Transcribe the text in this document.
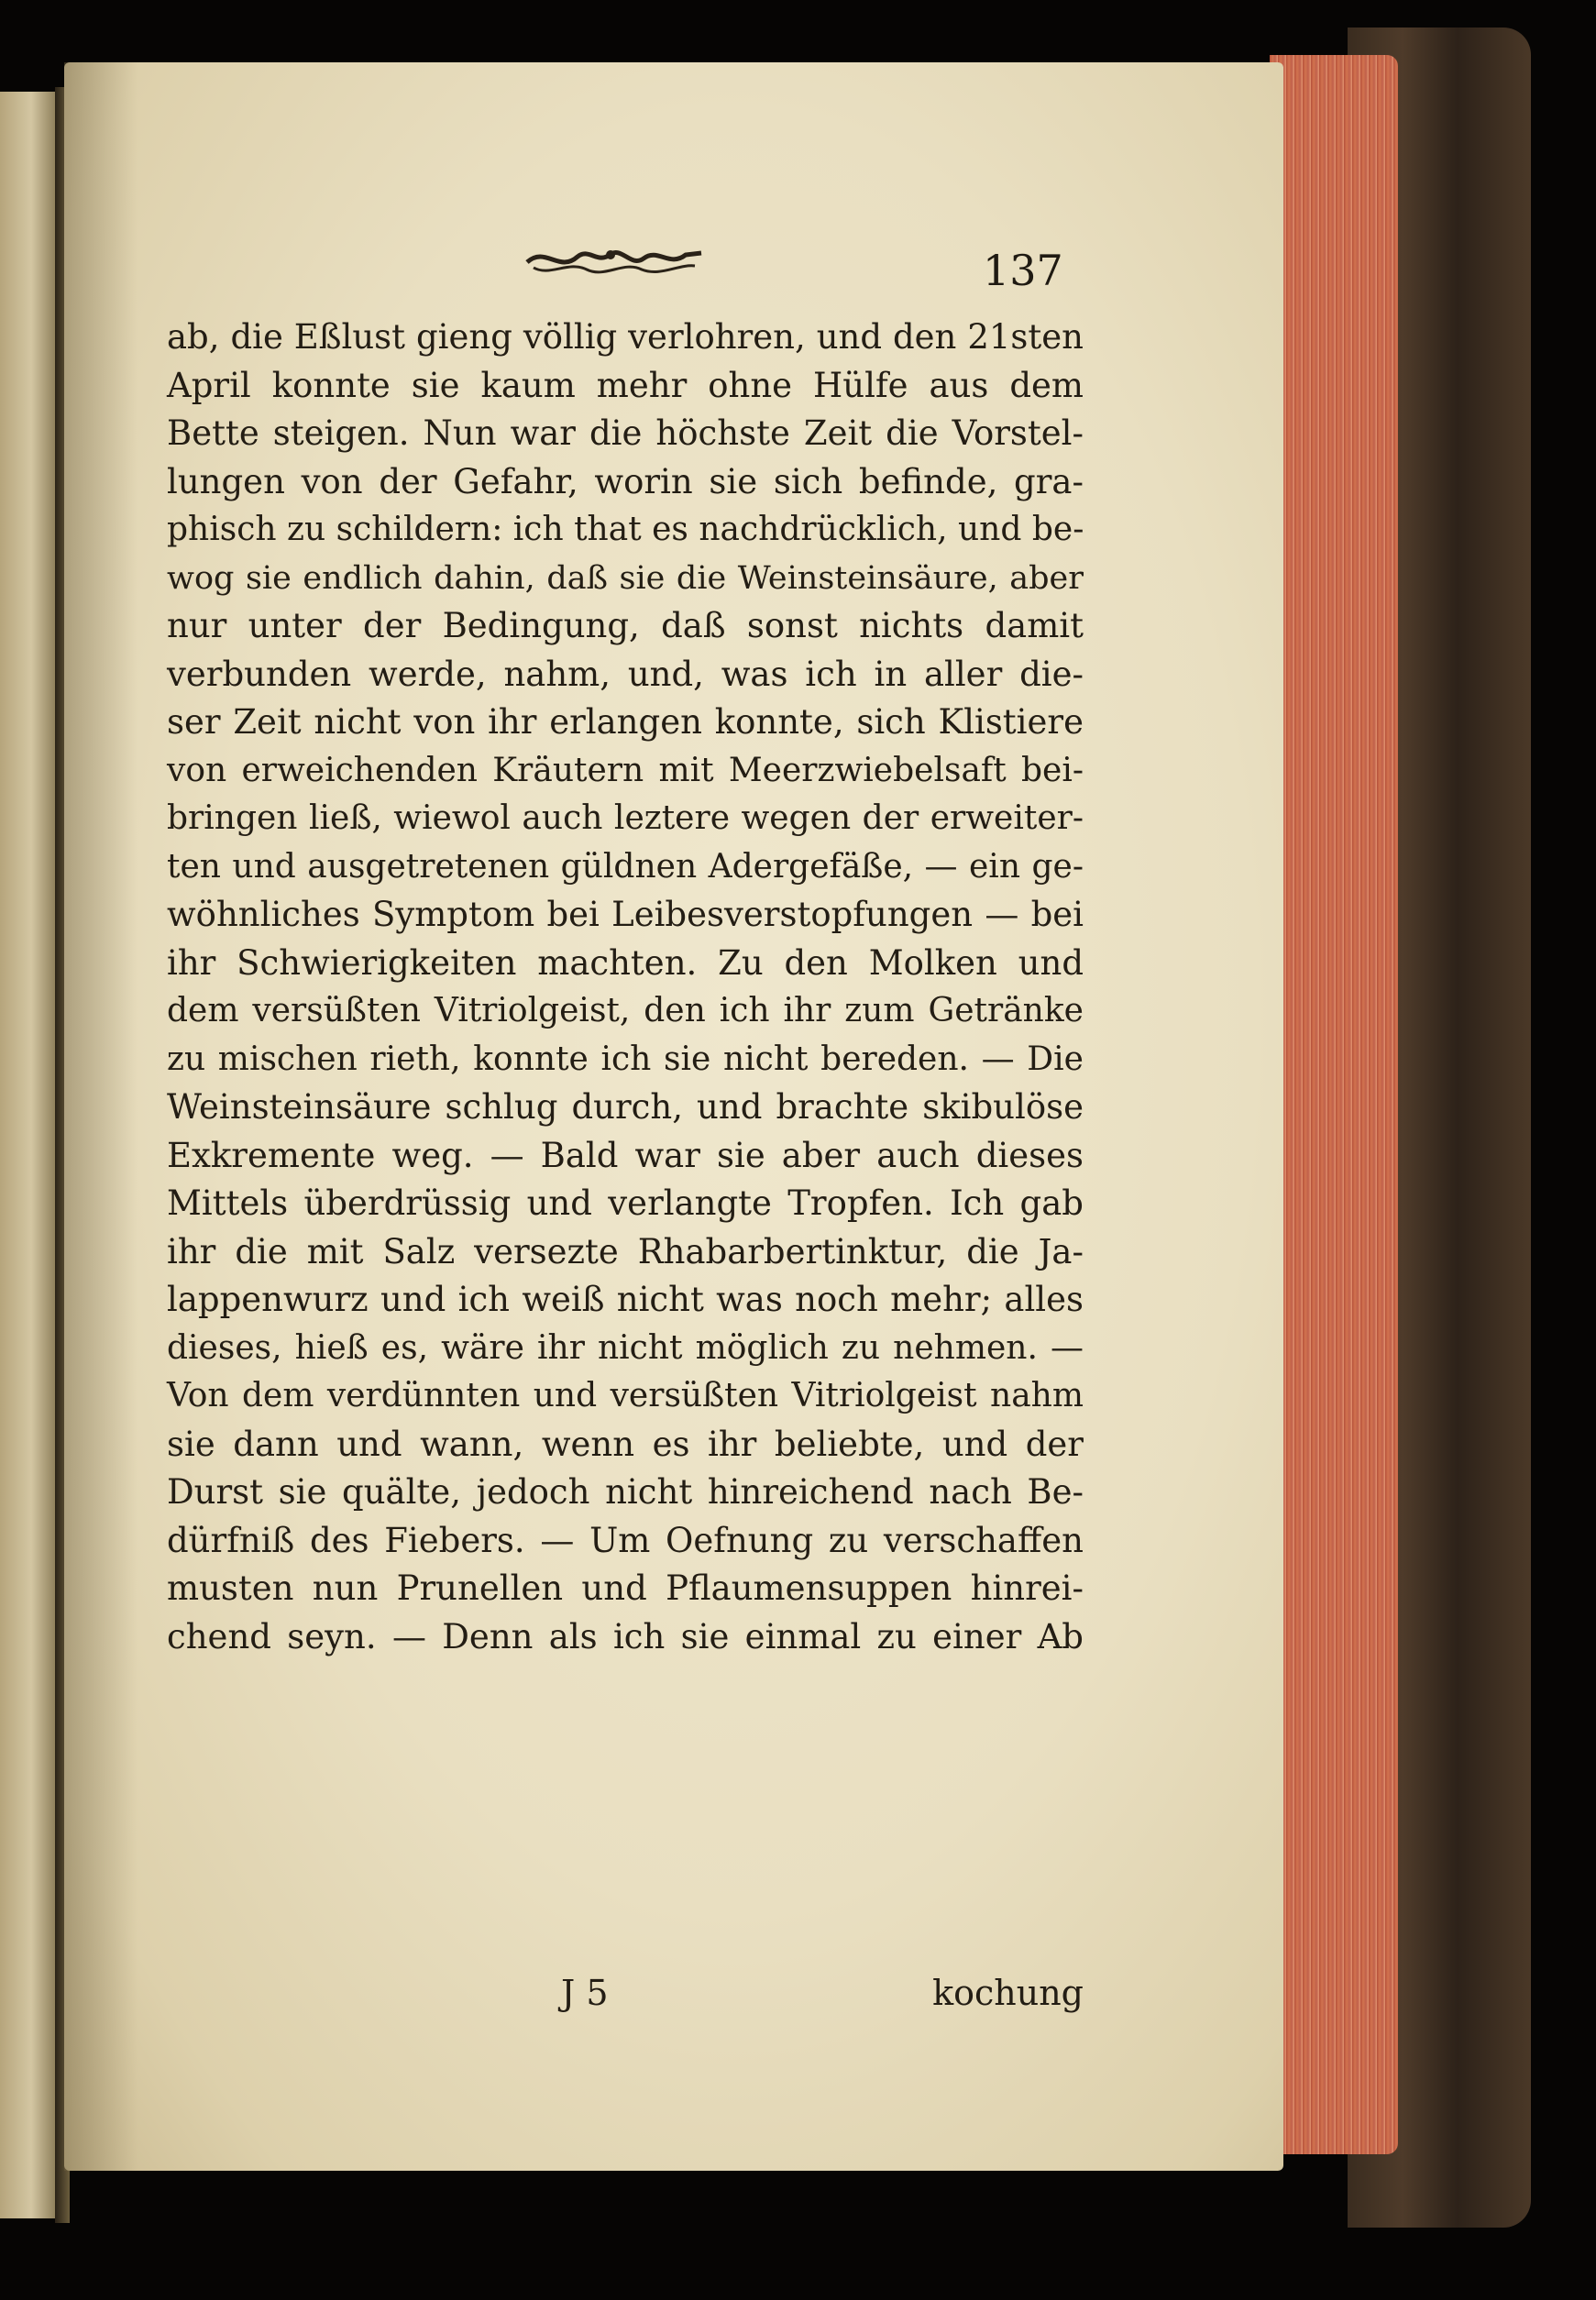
137
ab, die Eßlust gieng völlig verlohren, und den 21sten
April konnte sie kaum mehr ohne Hülfe aus dem
Bette steigen. Nun war die höchste Zeit die Vorstel-
lungen von der Gefahr, worin sie sich befinde, gra-
phisch zu schildern: ich that es nachdrücklich, und be-
wog sie endlich dahin, daß sie die Weinsteinsäure, aber
nur unter der Bedingung, daß sonst nichts damit
verbunden werde, nahm, und, was ich in aller die-
ser Zeit nicht von ihr erlangen konnte, sich Klistiere
von erweichenden Kräutern mit Meerzwiebelsaft bei-
bringen ließ, wiewol auch leztere wegen der erweiter-
ten und ausgetretenen güldnen Adergefäße, — ein ge-
wöhnliches Symptom bei Leibesverstopfungen — bei
ihr Schwierigkeiten machten. Zu den Molken und
dem versüßten Vitriolgeist, den ich ihr zum Getränke
zu mischen rieth, konnte ich sie nicht bereden. — Die
Weinsteinsäure schlug durch, und brachte skibulöse
Exkremente weg. — Bald war sie aber auch dieses
Mittels überdrüssig und verlangte Tropfen. Ich gab
ihr die mit Salz versezte Rhabarbertinktur, die Ja-
lappenwurz und ich weiß nicht was noch mehr; alles
dieses, hieß es, wäre ihr nicht möglich zu nehmen. —
Von dem verdünnten und versüßten Vitriolgeist nahm
sie dann und wann, wenn es ihr beliebte, und der
Durst sie quälte, jedoch nicht hinreichend nach Be-
dürfniß des Fiebers. — Um Oefnung zu verschaffen
musten nun Prunellen und Pflaumensuppen hinrei-
chend seyn. — Denn als ich sie einmal zu einer Ab
J 5	kochung
